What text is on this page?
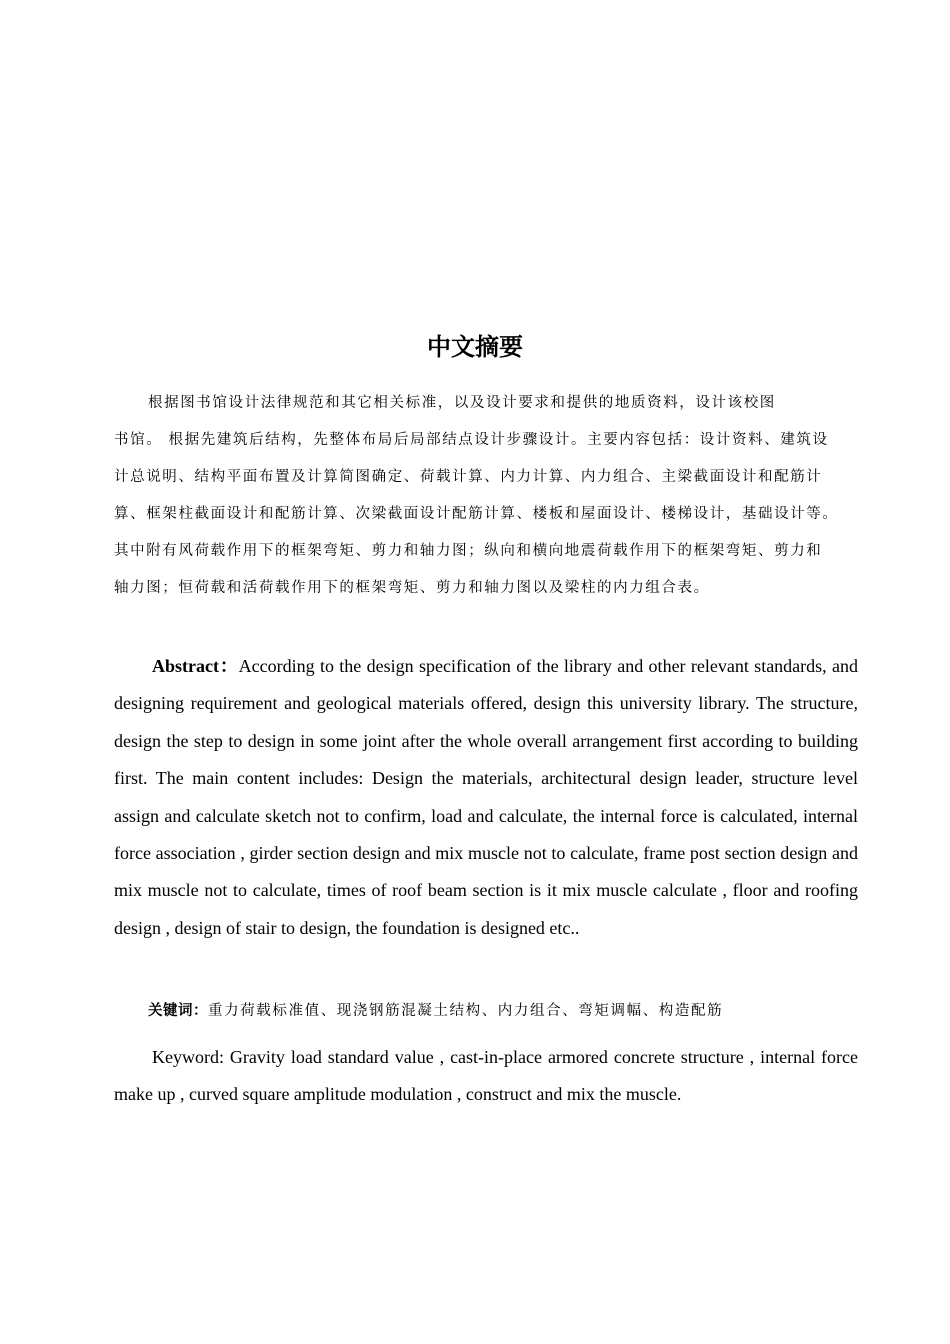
中文摘要
根据图书馆设计法律规范和其它相关标准，以及设计要求和提供的地质资料，设计该校图
书馆。 根据先建筑后结构，先整体布局后局部结点设计步骤设计。主要内容包括：设计资料、建筑设
计总说明、结构平面布置及计算简图确定、荷载计算、内力计算、内力组合、主梁截面设计和配筋计
算、框架柱截面设计和配筋计算、次梁截面设计配筋计算、楼板和屋面设计、楼梯设计，基础设计等。
其中附有风荷载作用下的框架弯矩、剪力和轴力图；纵向和横向地震荷载作用下的框架弯矩、剪力和
轴力图；恒荷载和活荷载作用下的框架弯矩、剪力和轴力图以及梁柱的内力组合表。

Abstract：According to the design specification of the library and other relevant standards, and designing requirement and geological materials offered, design this university library. The structure, design the step to design in some joint after the whole overall arrangement first according to building first. The main content includes: Design the materials, architectural design leader, structure level assign and calculate sketch not to confirm, load and calculate, the internal force is calculated, internal force association , girder section design and mix muscle not to calculate, frame post section design and mix muscle not to calculate, times of roof beam section is it mix muscle calculate , floor and roofing design , design of stair to design, the foundation is designed etc..

关键词：重力荷载标准值、现浇钢筋混凝土结构、内力组合、弯矩调幅、构造配筋

Keyword: Gravity load standard value , cast-in-place armored concrete structure , internal force make up , curved square amplitude modulation , construct and mix the muscle.
